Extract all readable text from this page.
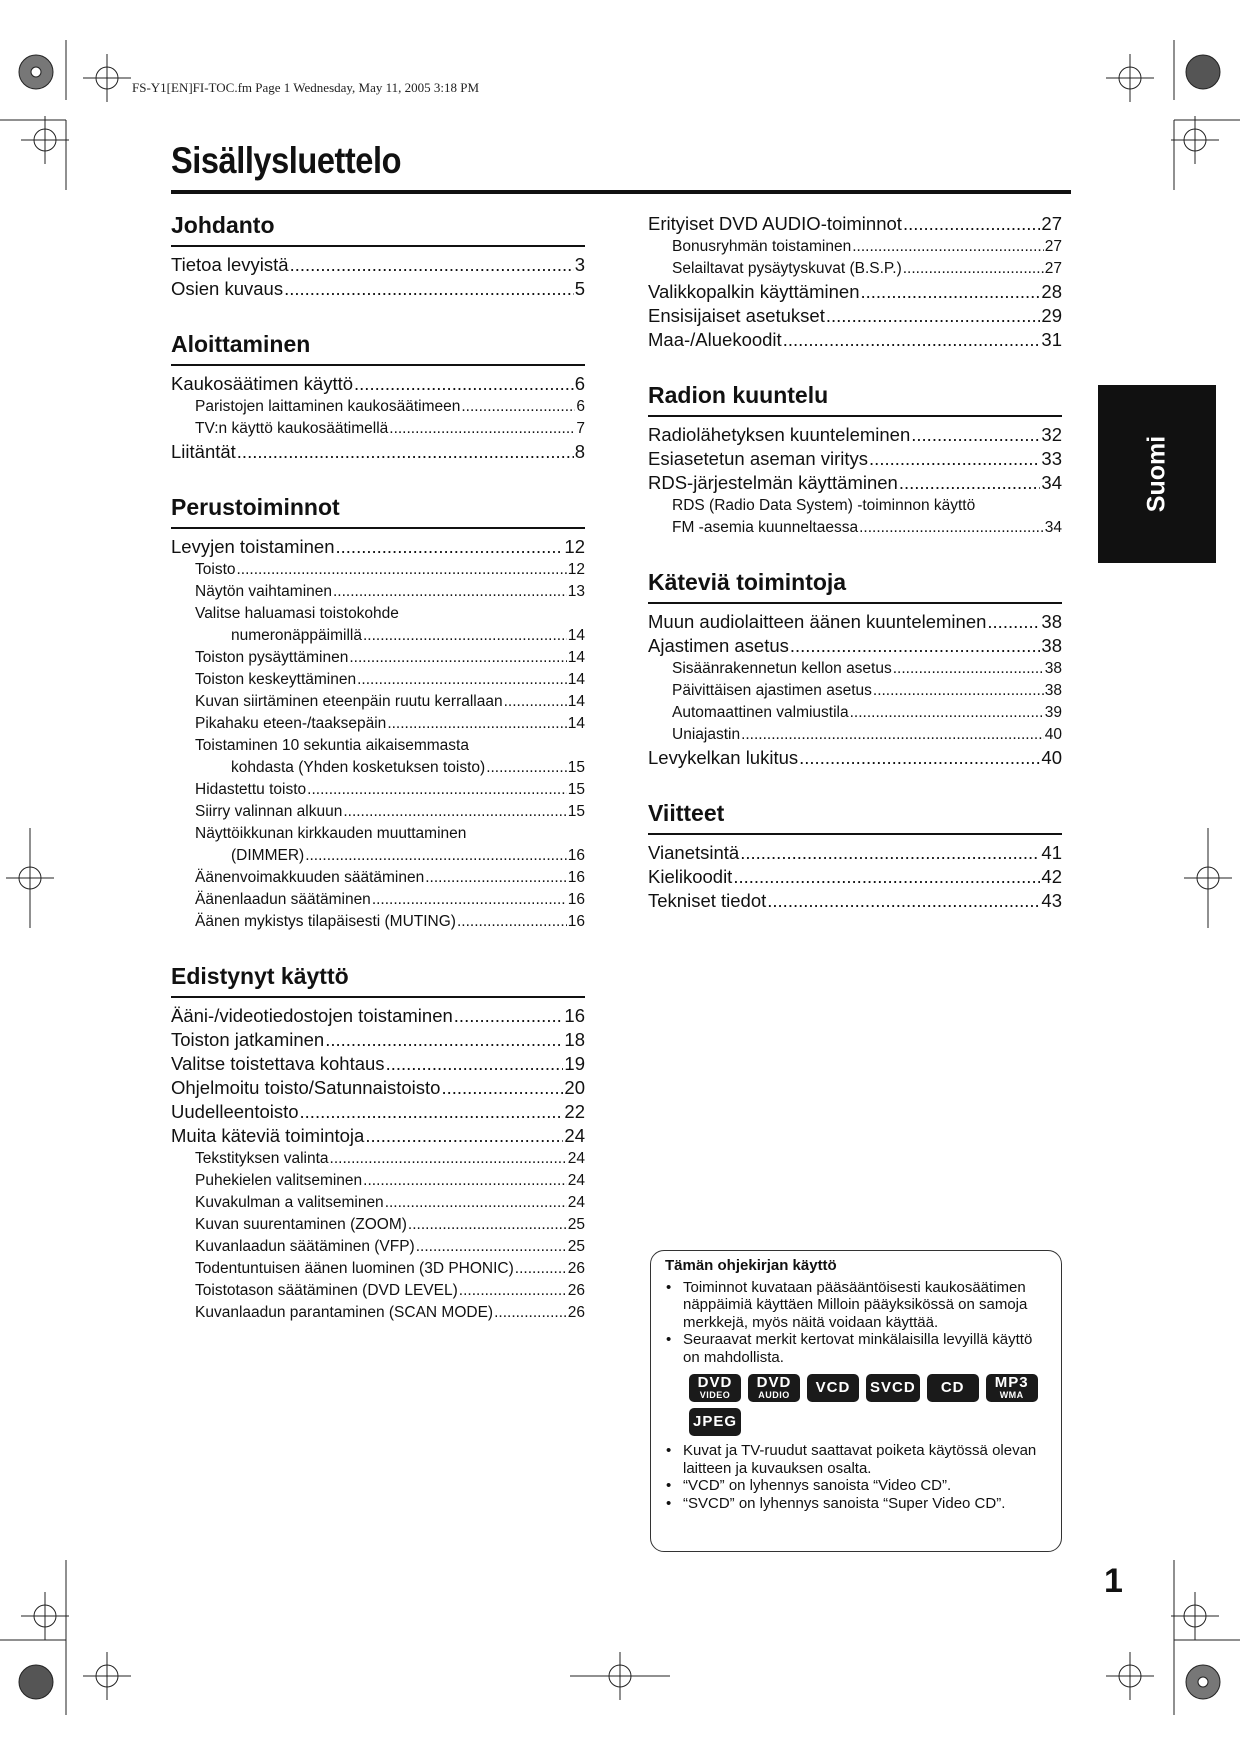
FS-Y1[EN]FI-TOC.fm Page 1 Wednesday, May 11, 2005 3:18 PM
Sisällysluettelo
Johdanto
Tietoa levyistä .....	3
Osien kuvaus .....	5
Aloittaminen
Kaukosäätimen käyttö .....	6
Paristojen laittaminen kaukosäätimeen .....	6
TV:n käyttö kaukosäätimellä .....	7
Liitäntät .....	8
Perustoiminnot
Levyjen toistaminen .....	12
Toisto .....	12
Näytön vaihtaminen .....	13
Valitse haluamasi toistokohde
numeronäppäimillä .....	14
Toiston pysäyttäminen .....	14
Toiston keskeyttäminen .....	14
Kuvan siirtäminen eteenpäin ruutu kerrallaan .....	14
Pikahaku eteen-/taaksepäin .....	14
Toistaminen 10 sekuntia aikaisemmasta
kohdasta (Yhden kosketuksen toisto) .....	15
Hidastettu toisto .....	15
Siirry valinnan alkuun .....	15
Näyttöikkunan kirkkauden muuttaminen
(DIMMER) .....	16
Äänenvoimakkuuden säätäminen .....	16
Äänenlaadun säätäminen .....	16
Äänen mykistys tilapäisesti (MUTING) .....	16
Edistynyt käyttö
Ääni-/videotiedostojen toistaminen .....	16
Toiston jatkaminen .....	18
Valitse toistettava kohtaus .....	19
Ohjelmoitu toisto/Satunnaistoisto .....	20
Uudelleentoisto .....	22
Muita käteviä toimintoja .....	24
Tekstityksen valinta .....	24
Puhekielen valitseminen .....	24
Kuvakulman a valitseminen .....	24
Kuvan suurentaminen (ZOOM) .....	25
Kuvanlaadun säätäminen (VFP) .....	25
Todentuntuisen äänen luominen (3D PHONIC) .....	26
Toistotason säätäminen (DVD LEVEL) .....	26
Kuvanlaadun parantaminen (SCAN MODE) .....	26
Erityiset DVD AUDIO-toiminnot .....	27
Bonusryhmän toistaminen .....	27
Selailtavat pysäytyskuvat (B.S.P.) .....	27
Valikkopalkin käyttäminen .....	28
Ensisijaiset asetukset .....	29
Maa-/Aluekoodit .....	31
Radion kuuntelu
Radiolähetyksen kuunteleminen .....	32
Esiasetetun aseman viritys .....	33
RDS-järjestelmän käyttäminen .....	34
RDS (Radio Data System) -toiminnon käyttö
FM -asemia kuunneltaessa .....	34
Käteviä toimintoja
Muun audiolaitteen äänen kuunteleminen .....	38
Ajastimen asetus .....	38
Sisäänrakennetun kellon asetus .....	38
Päivittäisen ajastimen asetus .....	38
Automaattinen valmiustila .....	39
Uniajastin .....	40
Levykelkan lukitus .....	40
Viitteet
Vianetsintä .....	41
Kielikoodit .....	42
Tekniset tiedot .....	43
Suomi
Tämän ohjekirjan käyttö
• Toiminnot kuvataan pääsääntöisesti kaukosäätimen näppäimiä käyttäen Milloin pääyksikössä on samoja merkkejä, myös näitä voidaan käyttää.
• Seuraavat merkit kertovat minkälaisilla levyillä käyttö on mahdollista.
DVD
VIDEO
DVD
AUDIO VCD SVCD CD MP3
WMA
JPEG
• Kuvat ja TV-ruudut saattavat poiketa käytössä olevan laitteen ja kuvauksen osalta.
• “VCD” on lyhennys sanoista “Video CD”.
• “SVCD” on lyhennys sanoista “Super Video CD”.
1
